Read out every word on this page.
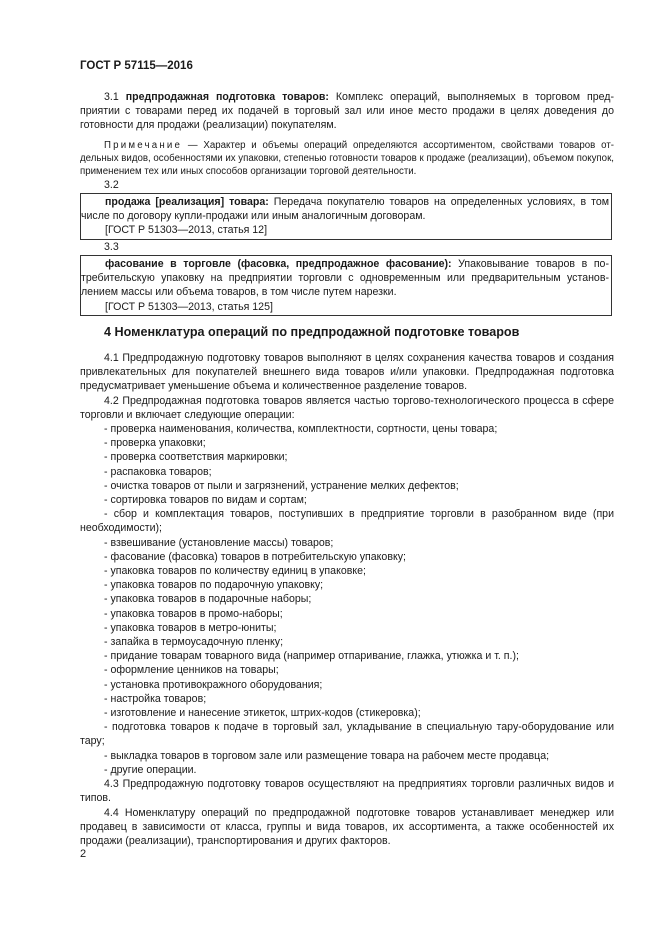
ГОСТ Р 57115—2016

3.1 предпродажная подготовка товаров: Комплекс операций, выполняемых в торговом предприятии с товарами перед их подачей в торговый зал или иное место продажи в целях доведения до готовности для продажи (реализации) покупателям.

Примечание — Характер и объемы операций определяются ассортиментом, свойствами товаров отдельных видов, особенностями их упаковки, степенью готовности товаров к продаже (реализации), объемом покупок, применением тех или иных способов организации торговой деятельности.

3.2

продажа [реализация] товара: Передача покупателю товаров на определенных условиях, в том числе по договору купли-продажи или иным аналогичным договорам.

[ГОСТ Р 51303—2013, статья 12]

3.3

фасование в торговле (фасовка, предпродажное фасование): Упаковывание товаров в потребительскую упаковку на предприятии торговли с одновременным или предварительным установлением массы или объема товаров, в том числе путем нарезки.

[ГОСТ Р 51303—2013, статья 125]

4 Номенклатура операций по предпродажной подготовке товаров

4.1 Предпродажную подготовку товаров выполняют в целях сохранения качества товаров и создания привлекательных для покупателей внешнего вида товаров и/или упаковки. Предпродажная подготовка предусматривает уменьшение объема и количественное разделение товаров.

4.2 Предпродажная подготовка товаров является частью торгово-технологического процесса в сфере торговли и включает следующие операции:

- проверка наименования, количества, комплектности, сортности, цены товара;
- проверка упаковки;
- проверка соответствия маркировки;
- распаковка товаров;
- очистка товаров от пыли и загрязнений, устранение мелких дефектов;
- сортировка товаров по видам и сортам;
- сбор и комплектация товаров, поступивших в предприятие торговли в разобранном виде (при необходимости);
- взвешивание (установление массы) товаров;
- фасование (фасовка) товаров в потребительскую упаковку;
- упаковка товаров по количеству единиц в упаковке;
- упаковка товаров по подарочную упаковку;
- упаковка товаров в подарочные наборы;
- упаковка товаров в промо-наборы;
- упаковка товаров в метро-юниты;
- запайка в термоусадочную пленку;
- придание товарам товарного вида (например отпаривание, глажка, утюжка и т. п.);
- оформление ценников на товары;
- установка противокражного оборудования;
- настройка товаров;
- изготовление и нанесение этикеток, штрих-кодов (стикеровка);
- подготовка товаров к подаче в торговый зал, укладывание в специальную тару-оборудование или тару;
- выкладка товаров в торговом зале или размещение товара на рабочем месте продавца;
- другие операции.

4.3 Предпродажную подготовку товаров осуществляют на предприятиях торговли различных видов и типов.

4.4 Номенклатуру операций по предпродажной подготовке товаров устанавливает менеджер или продавец в зависимости от класса, группы и вида товаров, их ассортимента, а также особенностей их продажи (реализации), транспортирования и других факторов.

2
